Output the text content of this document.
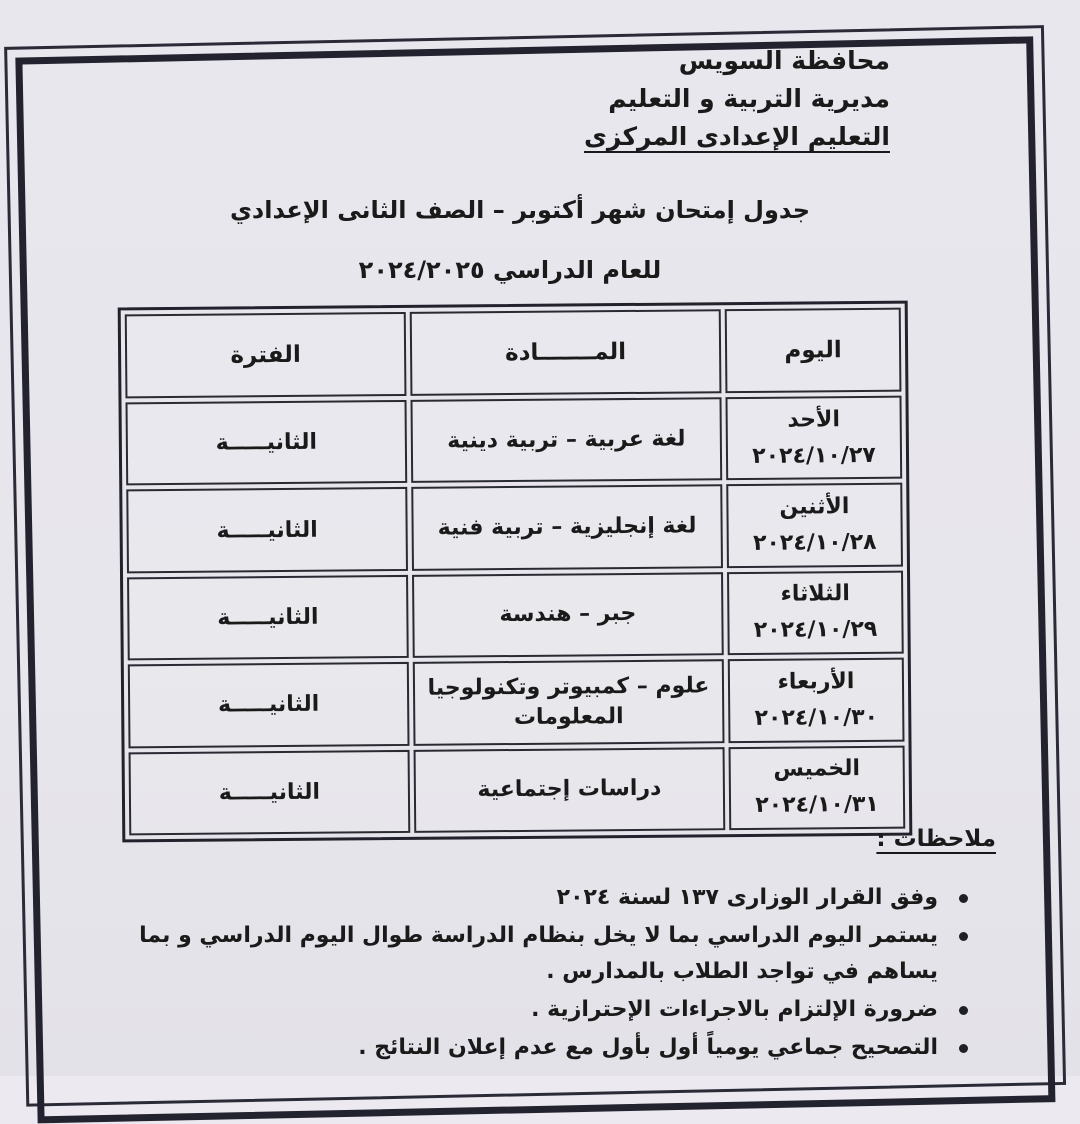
محافظة السويس
مديرية التربية و التعليم
التعليم الإعدادى المركزى
جدول إمتحان شهر أكتوبر – الصف الثانى الإعدادي
للعام الدراسي ٢٠٢٤/٢٠٢٥
اليوم	المـــــــادة	الفترة

الأحد
٢٠٢٤/١٠/٢٧	لغة عربية – تربية دينية	الثانيـــــة

الأثنين
٢٠٢٤/١٠/٢٨	لغة إنجليزية – تربية فنية	الثانيـــــة

الثلاثاء
٢٠٢٤/١٠/٢٩	جبر – هندسة	الثانيـــــة

الأربعاء
٢٠٢٤/١٠/٣٠	علوم – كمبيوتر وتكنولوجيا المعلومات	الثانيـــــة

الخميس
٢٠٢٤/١٠/٣١	دراسات إجتماعية	الثانيـــــة
ملاحظات :
وفق القرار الوزارى ١٣٧ لسنة ٢٠٢٤
يستمر اليوم الدراسي بما لا يخل بنظام الدراسة طوال اليوم الدراسي و بما يساهم في تواجد الطلاب بالمدارس .
ضرورة الإلتزام بالاجراءات الإحترازية .
التصحيح جماعي يومياً أول بأول مع عدم إعلان النتائج .
